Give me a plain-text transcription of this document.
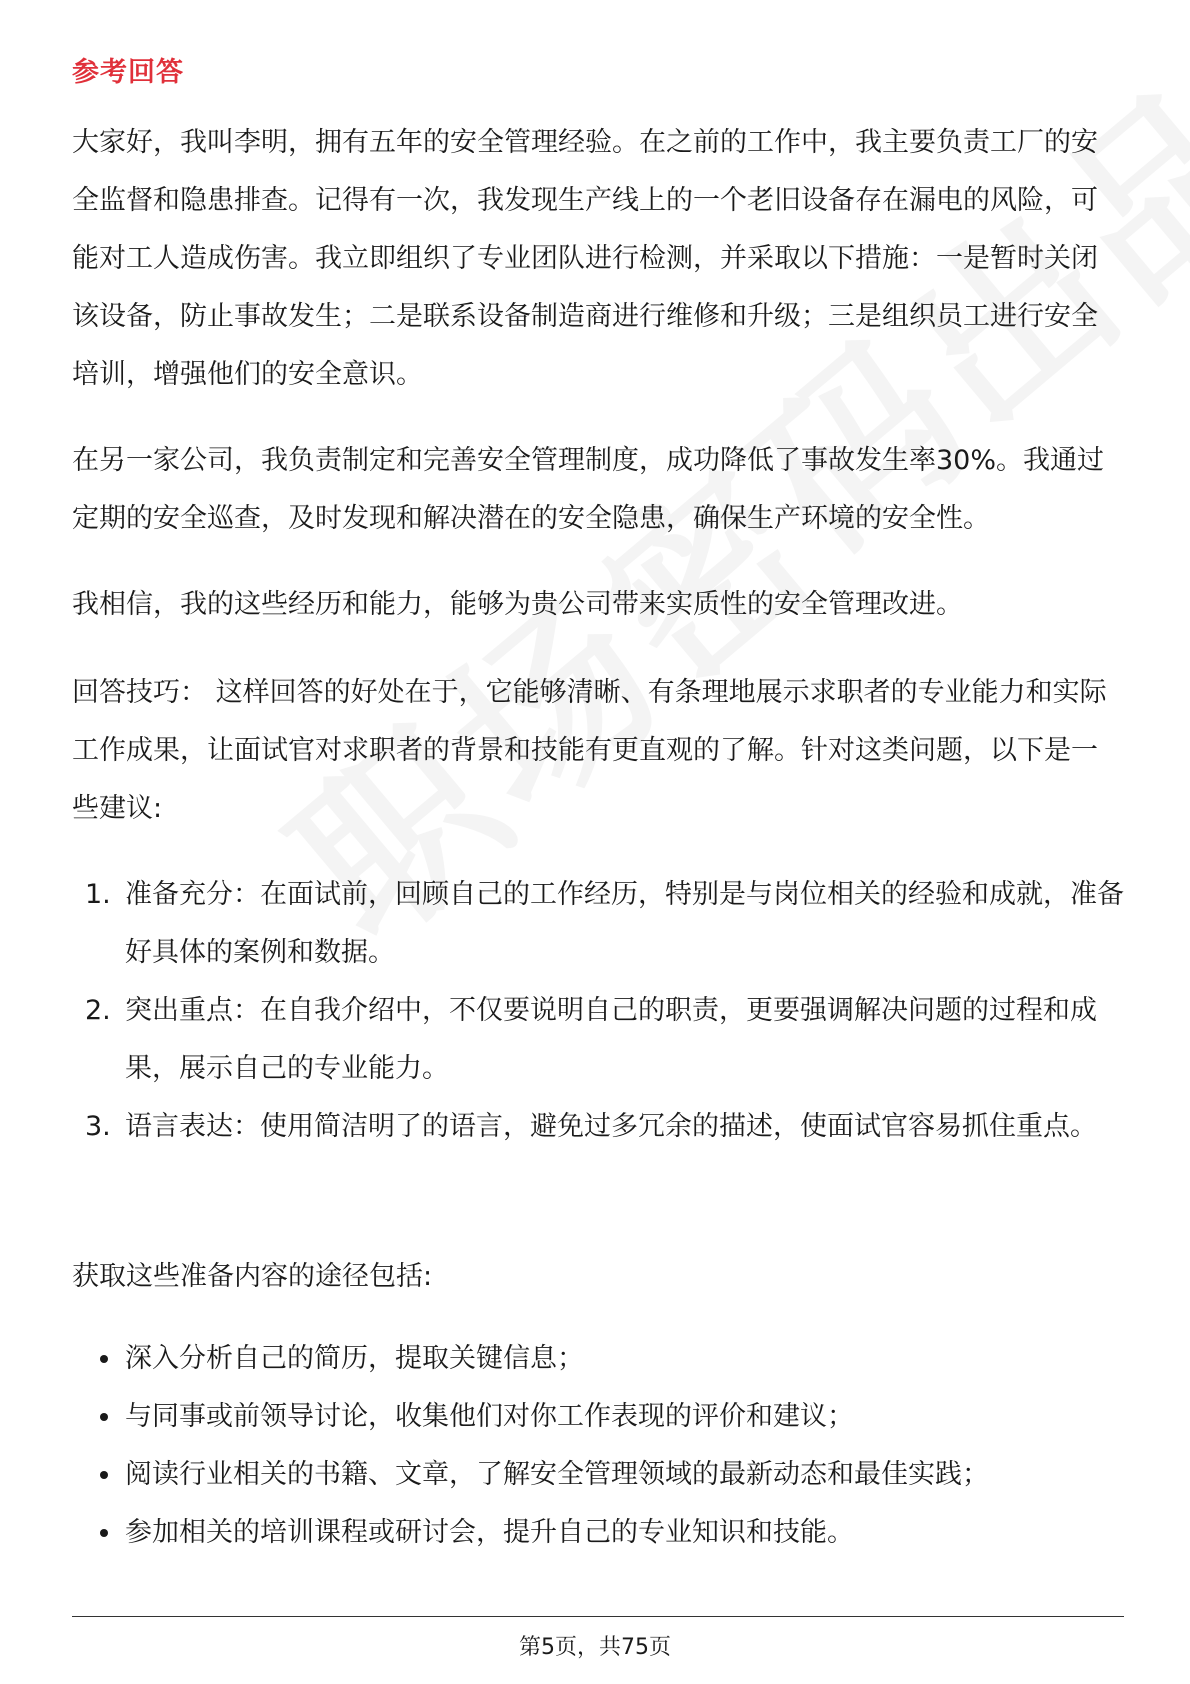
参考回答

大家好，我叫李明，拥有五年的安全管理经验。在之前的工作中，我主要负责工厂的安全监督和隐患排查。记得有一次，我发现生产线上的一个老旧设备存在漏电的风险，可能对工人造成伤害。我立即组织了专业团队进行检测，并采取以下措施：一是暂时关闭该设备，防止事故发生；二是联系设备制造商进行维修和升级；三是组织员工进行安全培训，增强他们的安全意识。

在另一家公司，我负责制定和完善安全管理制度，成功降低了事故发生率30%。我通过定期的安全巡查，及时发现和解决潜在的安全隐患，确保生产环境的安全性。

我相信，我的这些经历和能力，能够为贵公司带来实质性的安全管理改进。

回答技巧： 这样回答的好处在于，它能够清晰、有条理地展示求职者的专业能力和实际工作成果，让面试官对求职者的背景和技能有更直观的了解。针对这类问题，以下是一些建议:

1. 准备充分：在面试前，回顾自己的工作经历，特别是与岗位相关的经验和成就，准备好具体的案例和数据。
2. 突出重点：在自我介绍中，不仅要说明自己的职责，更要强调解决问题的过程和成果，展示自己的专业能力。
3. 语言表达：使用简洁明了的语言，避免过多冗余的描述，使面试官容易抓住重点。

获取这些准备内容的途径包括:

深入分析自己的简历，提取关键信息；
与同事或前领导讨论，收集他们对你工作表现的评价和建议；
阅读行业相关的书籍、文章，了解安全管理领域的最新动态和最佳实践；
参加相关的培训课程或研讨会，提升自己的专业知识和技能。
第5页，共75页
